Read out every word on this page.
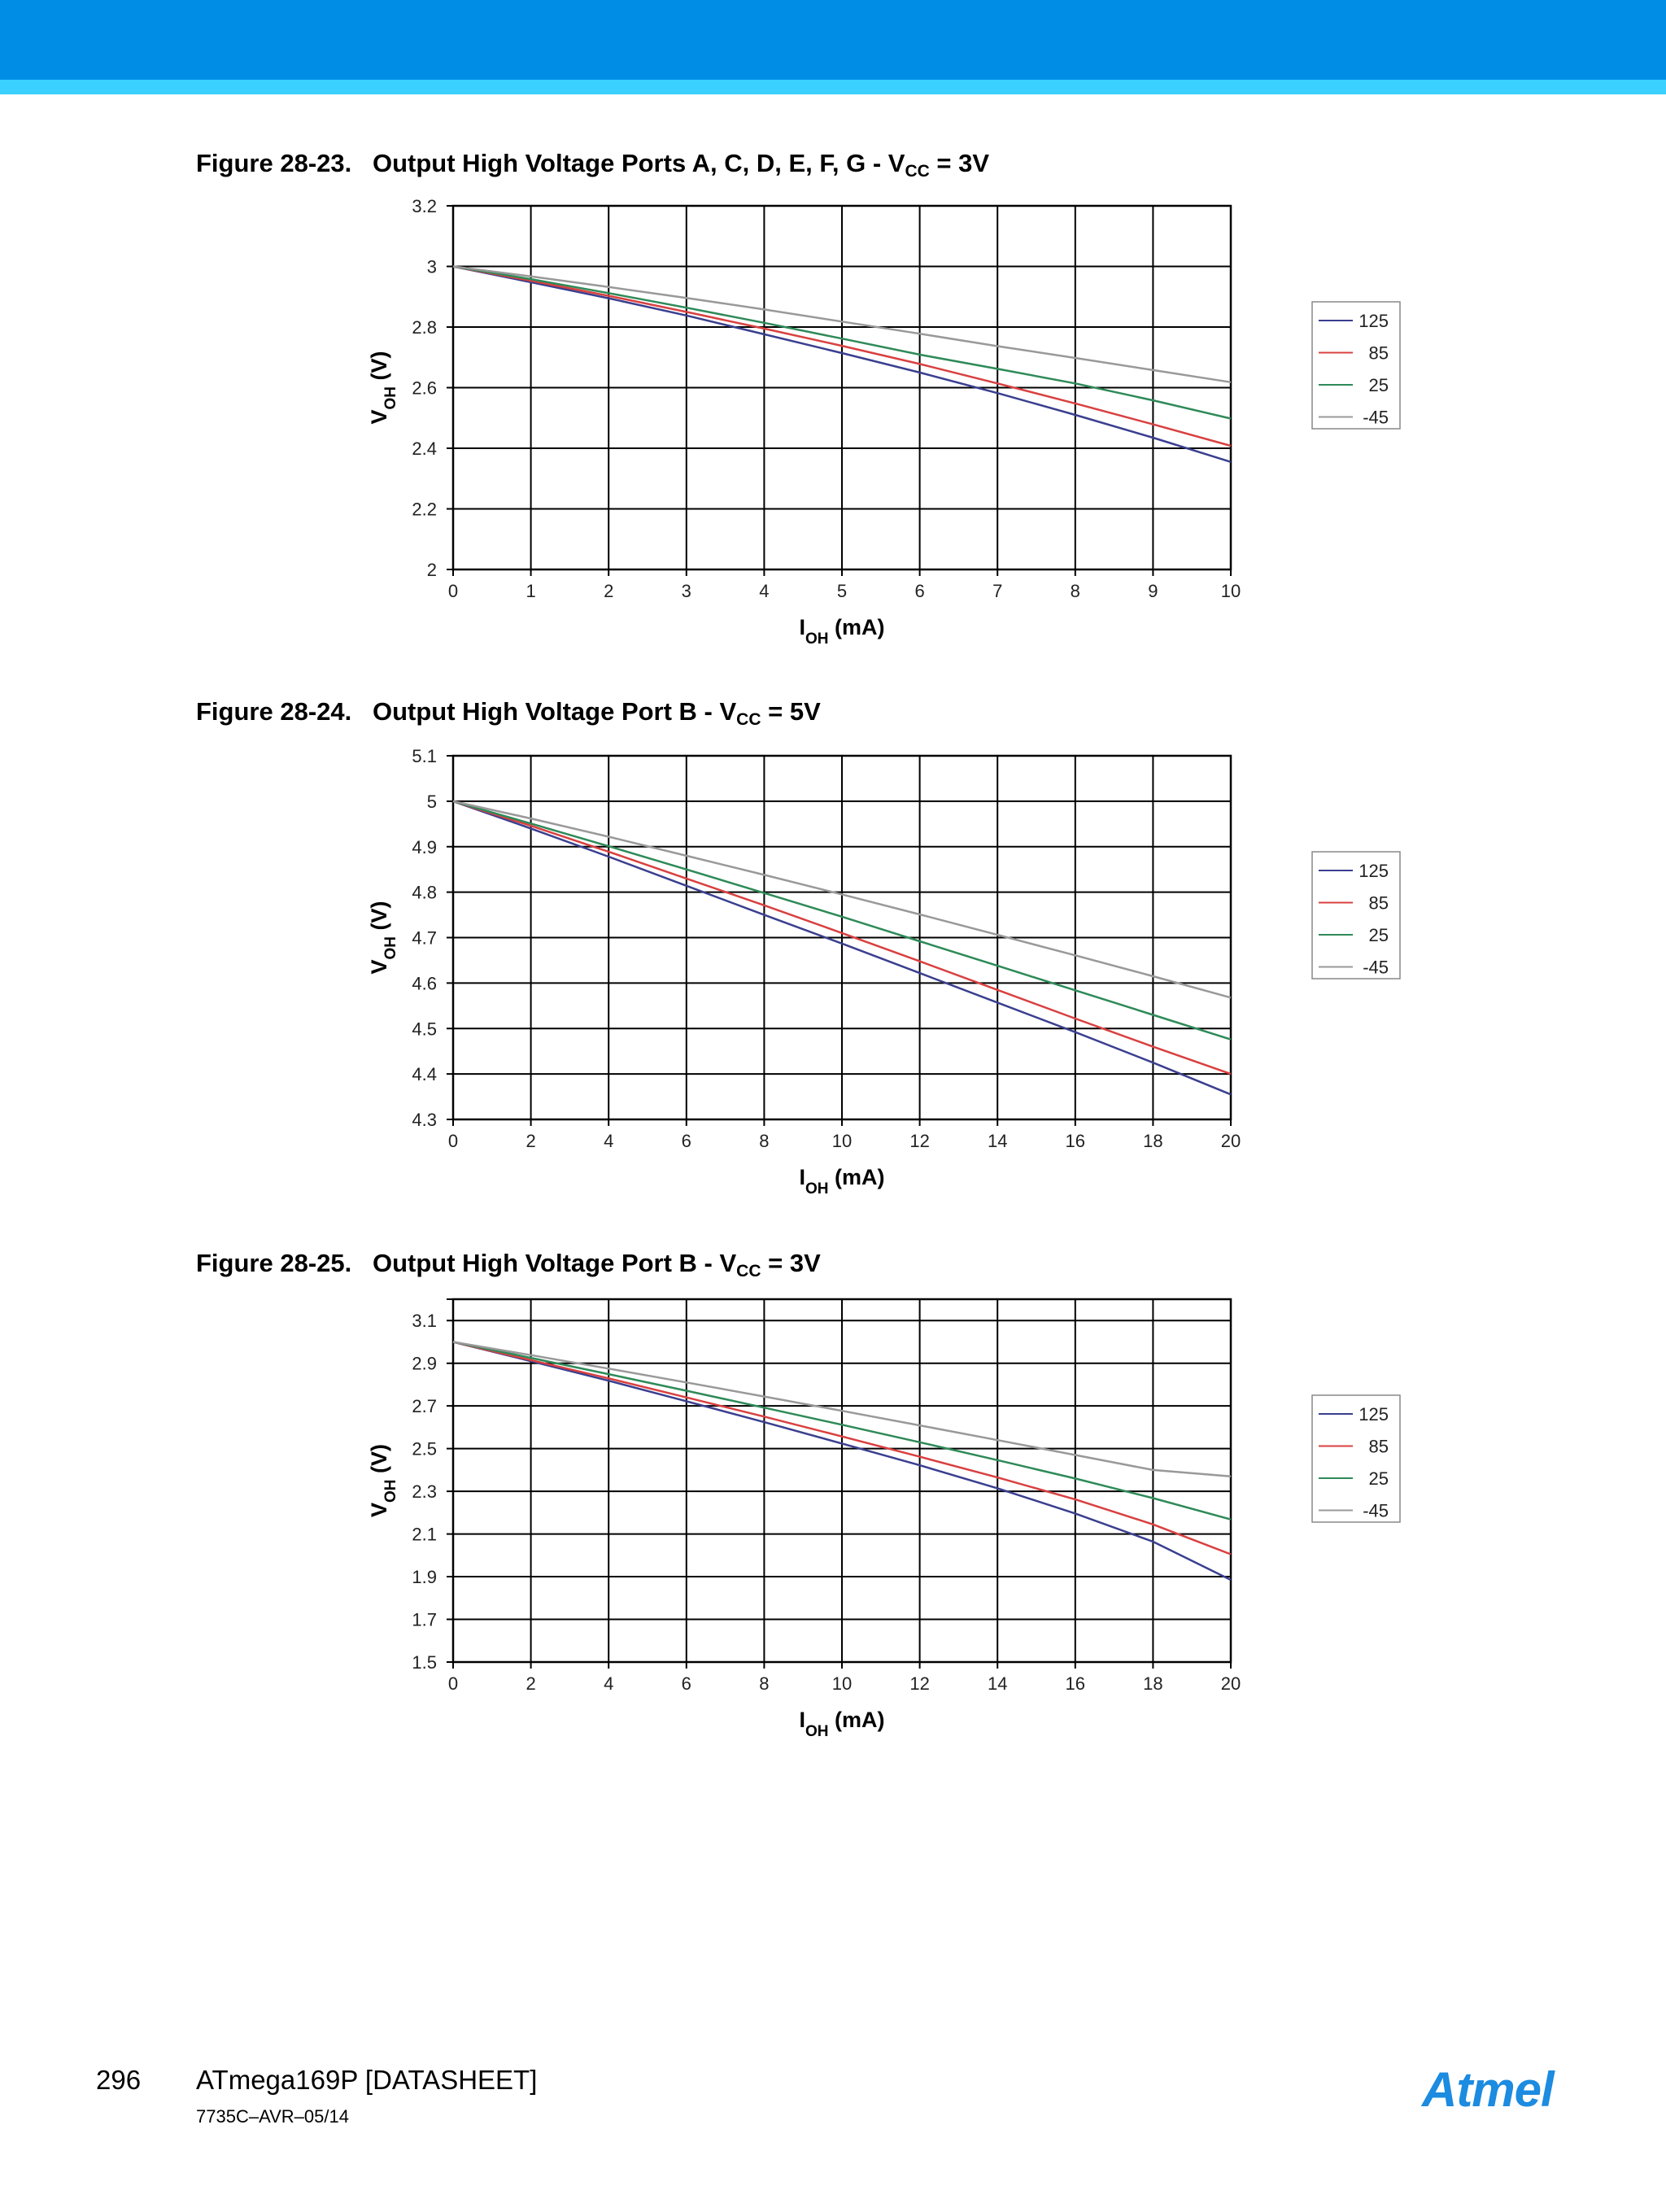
Figure 28-23. Output High Voltage Ports A, C, D, E, F, $G - V_{CC} = 3V$
0	1	2	3	4	5	6	7	8	9	10
2
2.2
2.4
2.6
2.8
3
3.2
$I_{OH}$ (mA)
$V_{OH}$ (V)
125
85
25
-45
Figure 28-24. Output High Voltage Port $B - V_{CC} = 5V$
0	2	4	6	8	10	12	14	16	18	20
4.3
4.4
4.5
4.6
4.7
4.8
4.9
5
5.1
$I_{OH}$ (mA)
$V_{OH}$ (V)
125
85
25
-45
Figure 28-25. Output High Voltage Port $B - V_{CC} = 3V$
0	2	4	6	8	10	12	14	16	18	20
1.5
1.7
1.9
2.1
2.3
2.5
2.7
2.9
3.1
$I_{OH}$ (mA)
$V_{OH}$ (V)
125
85
25
-45
296 ATmega169P [DATASHEET]
7735C–AVR–05/14	Atmel
